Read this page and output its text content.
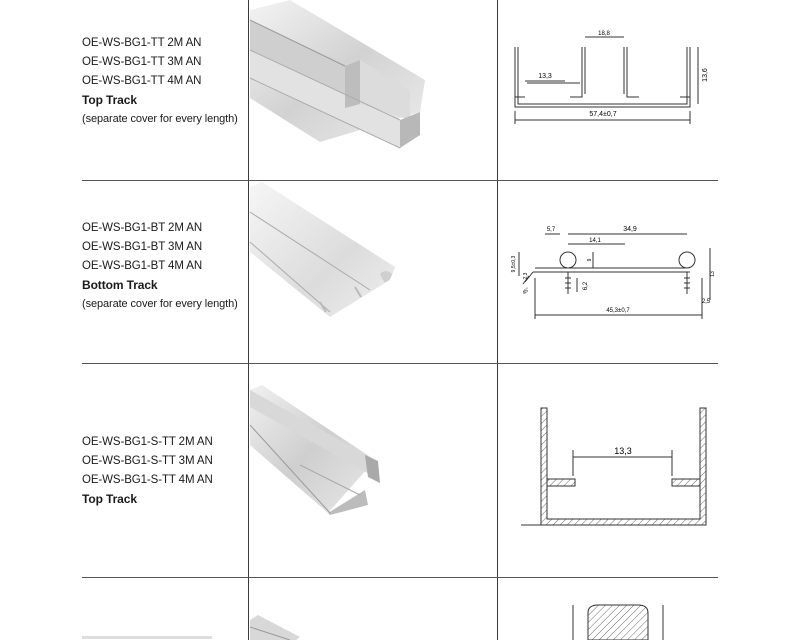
OE-WS-BG1-TT 2M AN
OE-WS-BG1-TT 3M AN
OE-WS-BG1-TT 4M AN
Top Track
(separate cover for every length)	57,4±0,7
18,8
13,3	13,6
OE-WS-BG1-BT 2M AN
OE-WS-BG1-BT 3M AN
OE-WS-BG1-BT 4M AN
Bottom Track
(separate cover for every length)
45,3±0,7
34,9
14,1
5,7
6,2
9
9,5±0,3
2,3
45°
13
2,5
OE-WS-BG1-S-TT 2M AN
OE-WS-BG1-S-TT 3M AN
OE-WS-BG1-S-TT 4M AN
Top Track
13,3
